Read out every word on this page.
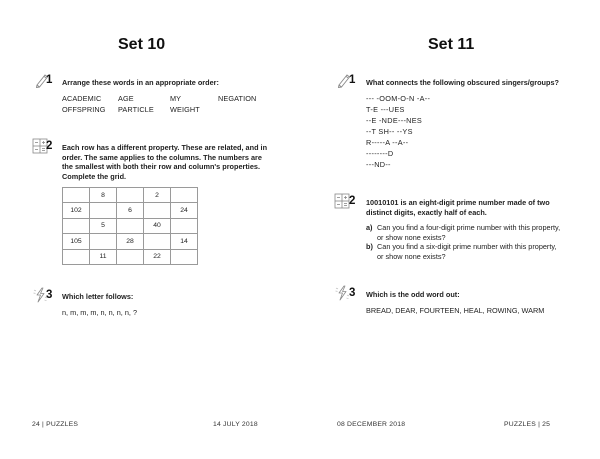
Set 10
1 Arrange these words in an appropriate order:
ACADEMIC AGE	MY	NEGATION
OFFSPRING PARTICLE WEIGHT
2 Each row has a different property. These are related, and in
order. The same applies to the columns. The numbers are
the smallest with both their row and column's properties.
Complete the grid.
	8		2	
102		6		24
	5		40	
105		28		14
	11		22	
3 Which letter follows:
n, m, m, m, n, n, n, n, ?
24 | PUZZLES	14 JULY 2018
Set 11
1 What connects the following obscured singers/groups?
--- -OOM-O-N -A--
T-E ---UES
--E -NDE---NES
--T SH-- --YS
R-----A --A--
--------D
---ND--
2 10010101 is an eight-digit prime number made of two
distinct digits, exactly half of each.
a) Can you find a four-digit prime number with this property,
or show none exists?
b) Can you find a six-digit prime number with this property,
or show none exists?
3 Which is the odd word out:
BREAD, DEAR, FOURTEEN, HEAL, ROWING, WARM
08 DECEMBER 2018	PUZZLES | 25
